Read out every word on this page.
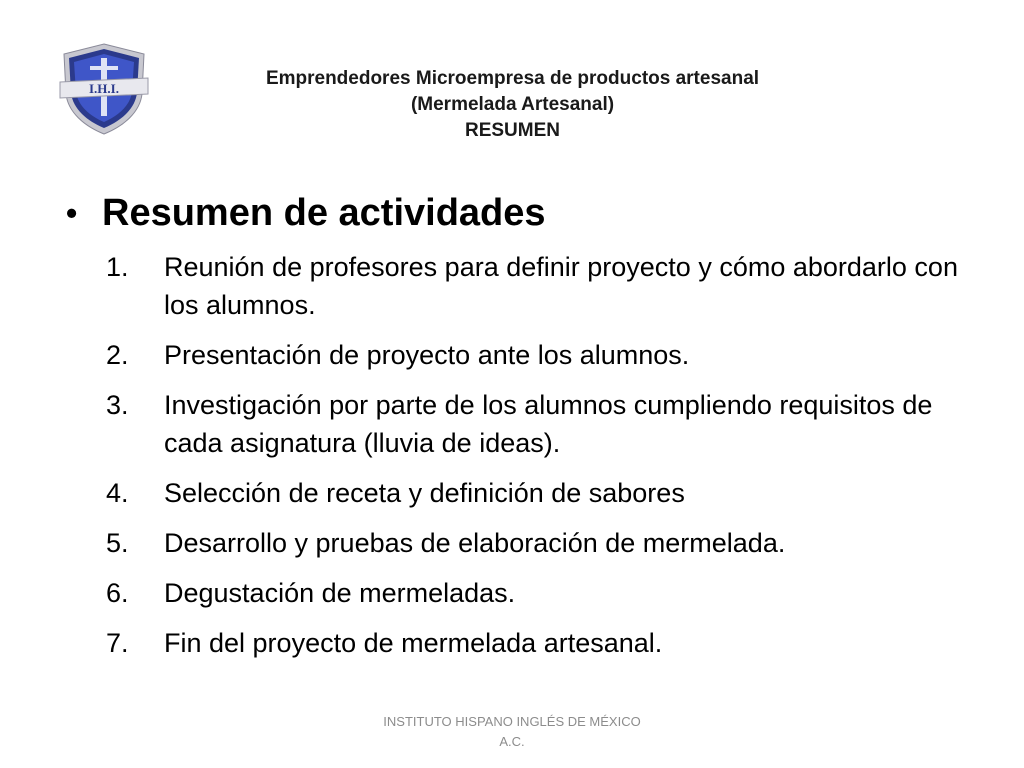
I.H.I.	Emprendedores Microempresa de productos artesanal
(Mermelada Artesanal)
RESUMEN
• Resumen de actividades
1. Reunión de profesores para definir proyecto y cómo abordarlo con los alumnos.
2. Presentación de proyecto ante los alumnos.
3. Investigación por parte de los alumnos cumpliendo requisitos de cada asignatura (lluvia de ideas).
4. Selección de receta y definición de sabores
5. Desarrollo y pruebas de elaboración de mermelada.
6. Degustación de mermeladas.
7. Fin del proyecto de mermelada artesanal.
INSTITUTO HISPANO INGLÉS DE MÉXICO
A.C.
